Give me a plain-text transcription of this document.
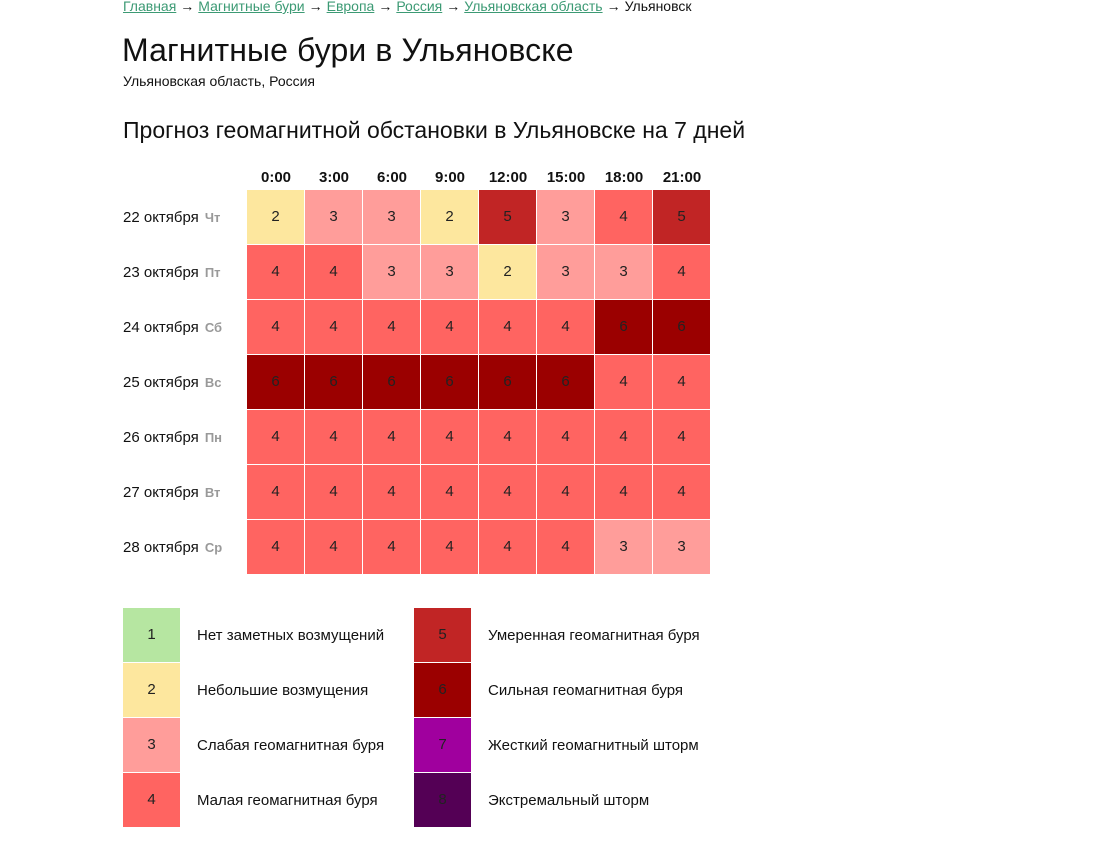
Главная → Магнитные бури → Европа → Россия → Ульяновская область → Ульяновск
Магнитные бури в Ульяновске
Ульяновская область, Россия
Прогноз геомагнитной обстановки в Ульяновске на 7 дней
0:00	3:00	6:00	9:00	12:00	15:00	18:00	21:00
22 октября Чт	2	3	3	2	5	3	4	5
23 октября Пт	4	4	3	3	2	3	3	4
24 октября Сб	4	4	4	4	4	4	6	6
25 октября Вс	6	6	6	6	6	6	4	4
26 октября Пн	4	4	4	4	4	4	4	4
27 октября Вт	4	4	4	4	4	4	4	4
28 октября Ср	4	4	4	4	4	4	3	3
1	Нет заметных возмущений
2	Небольшие возмущения
3	Слабая геомагнитная буря
4	Малая геомагнитная буря
5	Умеренная геомагнитная буря
6	Сильная геомагнитная буря
7	Жесткий геомагнитный шторм
8	Экстремальный шторм
